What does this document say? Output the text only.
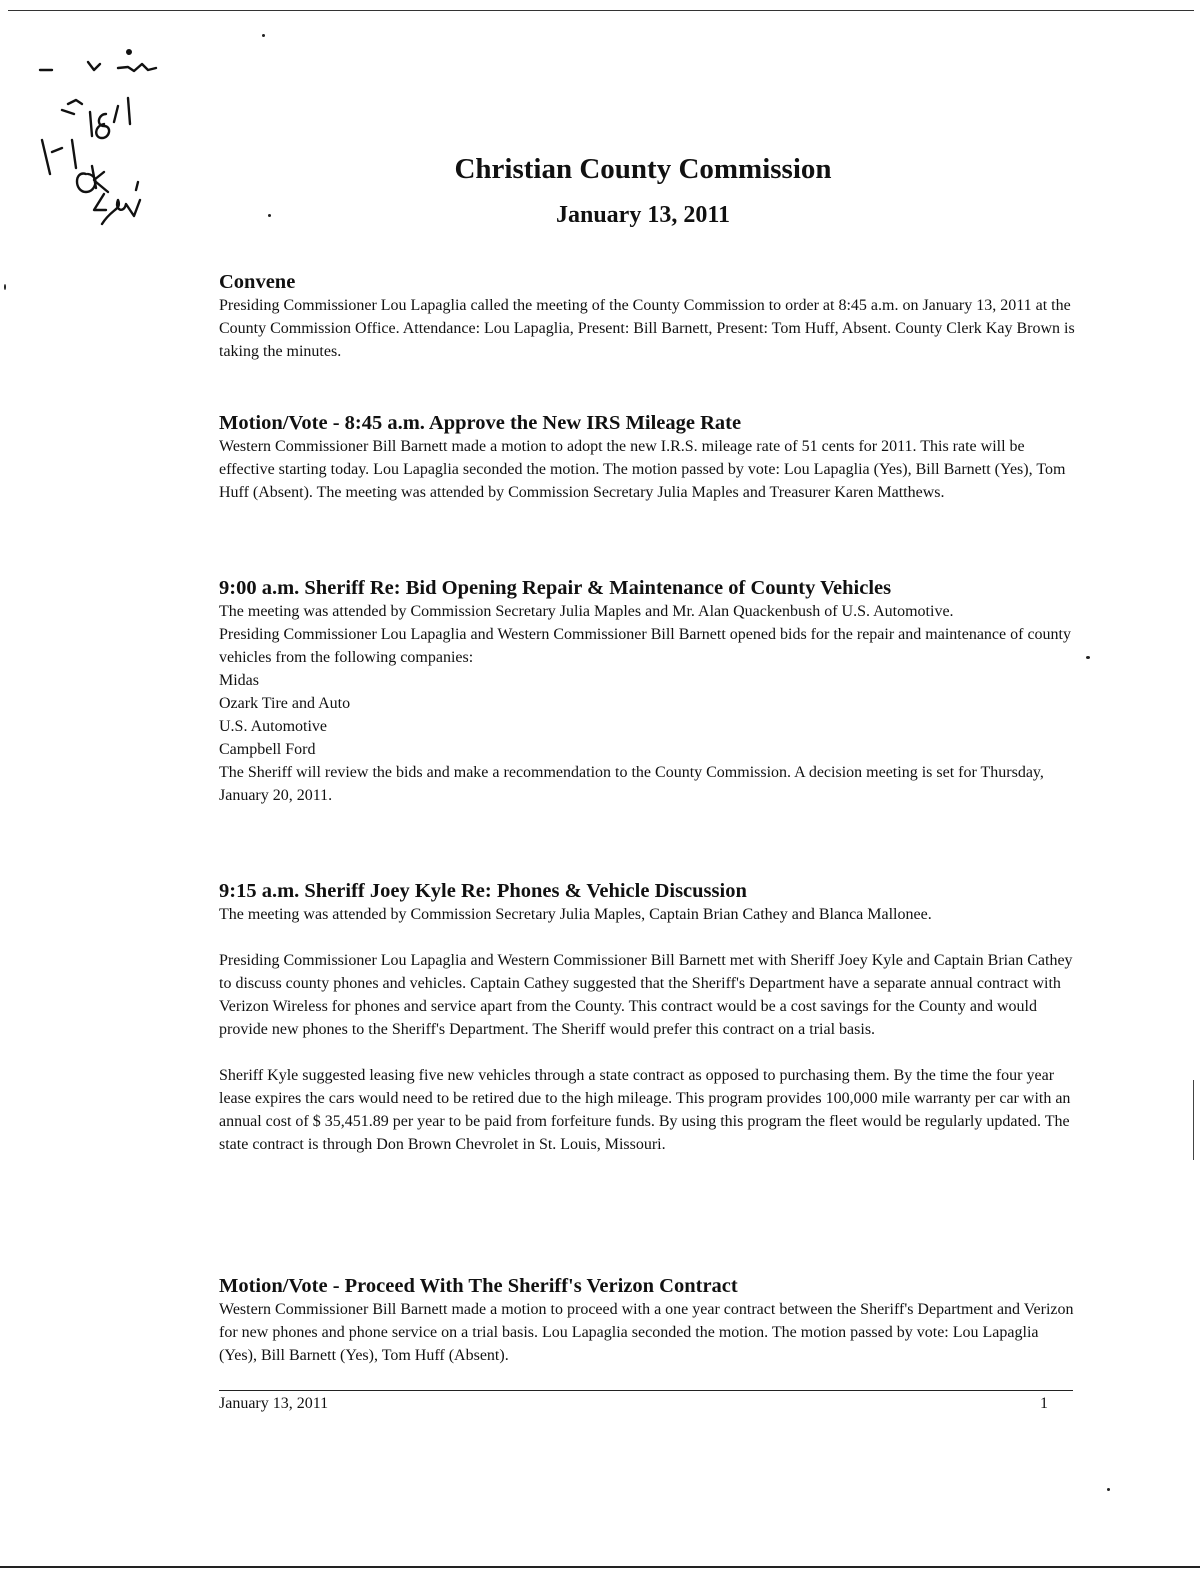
Christian County Commission
January 13, 2011
Convene

Presiding Commissioner Lou Lapaglia called the meeting of the County Commission to order at 8:45 a.m. on January 13, 2011 at the County Commission Office. Attendance: Lou Lapaglia, Present: Bill Barnett, Present: Tom Huff, Absent. County Clerk Kay Brown is taking the minutes.

Motion/Vote - 8:45 a.m. Approve the New IRS Mileage Rate

Western Commissioner Bill Barnett made a motion to adopt the new I.R.S. mileage rate of 51 cents for 2011. This rate will be effective starting today. Lou Lapaglia seconded the motion. The motion passed by vote: Lou Lapaglia (Yes), Bill Barnett (Yes), Tom Huff (Absent). The meeting was attended by Commission Secretary Julia Maples and Treasurer Karen Matthews.

9:00 a.m. Sheriff Re: Bid Opening Repair & Maintenance of County Vehicles

The meeting was attended by Commission Secretary Julia Maples and Mr. Alan Quackenbush of U.S. Automotive.

Presiding Commissioner Lou Lapaglia and Western Commissioner Bill Barnett opened bids for the repair and maintenance of county vehicles from the following companies:

Midas
Ozark Tire and Auto
U.S. Automotive
Campbell Ford

The Sheriff will review the bids and make a recommendation to the County Commission. A decision meeting is set for Thursday, January 20, 2011.

9:15 a.m. Sheriff Joey Kyle Re: Phones & Vehicle Discussion

The meeting was attended by Commission Secretary Julia Maples, Captain Brian Cathey and Blanca Mallonee.

Presiding Commissioner Lou Lapaglia and Western Commissioner Bill Barnett met with Sheriff Joey Kyle and Captain Brian Cathey to discuss county phones and vehicles. Captain Cathey suggested that the Sheriff's Department have a separate annual contract with Verizon Wireless for phones and service apart from the County. This contract would be a cost savings for the County and would provide new phones to the Sheriff's Department. The Sheriff would prefer this contract on a trial basis.

Sheriff Kyle suggested leasing five new vehicles through a state contract as opposed to purchasing them. By the time the four year lease expires the cars would need to be retired due to the high mileage. This program provides 100,000 mile warranty per car with an annual cost of $ 35,451.89 per year to be paid from forfeiture funds. By using this program the fleet would be regularly updated. The state contract is through Don Brown Chevrolet in St. Louis, Missouri.

Motion/Vote - Proceed With The Sheriff's Verizon Contract

Western Commissioner Bill Barnett made a motion to proceed with a one year contract between the Sheriff's Department and Verizon for new phones and phone service on a trial basis. Lou Lapaglia seconded the motion. The motion passed by vote: Lou Lapaglia (Yes), Bill Barnett (Yes), Tom Huff (Absent).

January 13, 2011	1
